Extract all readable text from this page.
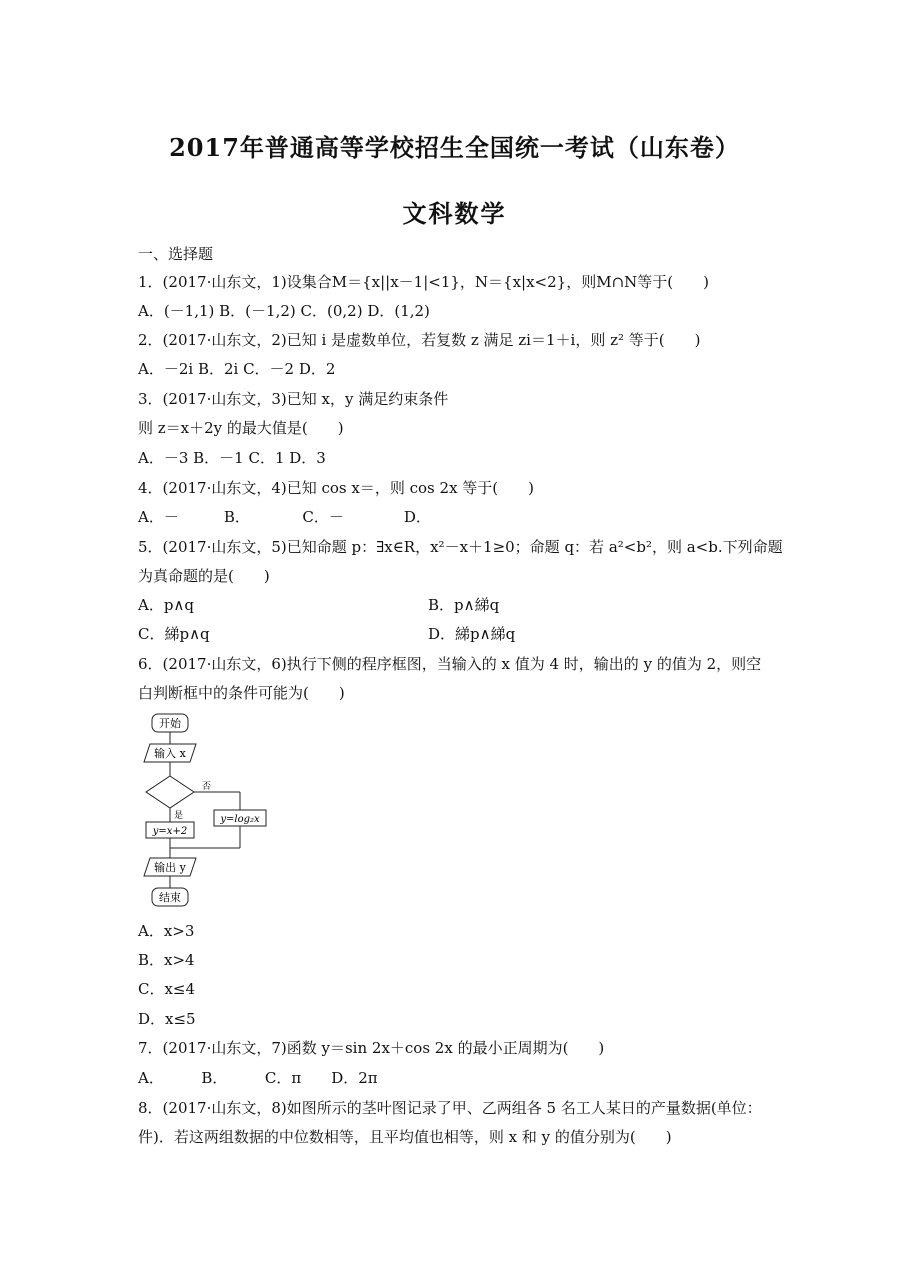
2017年普通高等学校招生全国统一考试（山东卷）
文科数学
一、选择题
1．(2017·山东文，1)设集合M＝{x||x－1|<1}，N＝{x|x<2}，则M∩N等于(　　)
A．(－1,1) B．(－1,2) C．(0,2) D．(1,2)
2．(2017·山东文，2)已知 i 是虚数单位，若复数 z 满足 zi＝1＋i，则 z² 等于(　　)
A．－2i B．2i C．－2 D．2
3．(2017·山东文，3)已知 x，y 满足约束条件
则 z＝x＋2y 的最大值是(　　)
A．－3 B．－1 C．1 D．3
4．(2017·山东文，4)已知 cos x＝，则 cos 2x 等于(　　)
A．－　　　B．　　　　C．－　　　　D．
5．(2017·山东文，5)已知命题 p：∃x∈R，x²－x＋1≥0；命题 q：若 a²<b²，则 a<b.下列命题
为真命题的是(　　)
A．p∧q	B．p∧綈q
C．綈p∧q	D．綈p∧綈q
6．(2017·山东文，6)执行下侧的程序框图，当输入的 x 值为 4 时，输出的 y 的值为 2，则空
白判断框中的条件可能为(　　)
开始
输入 x
否
是
y=x+2
y=log₂x
输出 y
结束
A．x>3
B．x>4
C．x≤4
D．x≤5
7．(2017·山东文，7)函数 y＝sin 2x＋cos 2x 的最小正周期为(　　)
A．　　　B．　　　C．π　　D．2π
8．(2017·山东文，8)如图所示的茎叶图记录了甲、乙两组各 5 名工人某日的产量数据(单位：
件)．若这两组数据的中位数相等，且平均值也相等，则 x 和 y 的值分别为(　　)
